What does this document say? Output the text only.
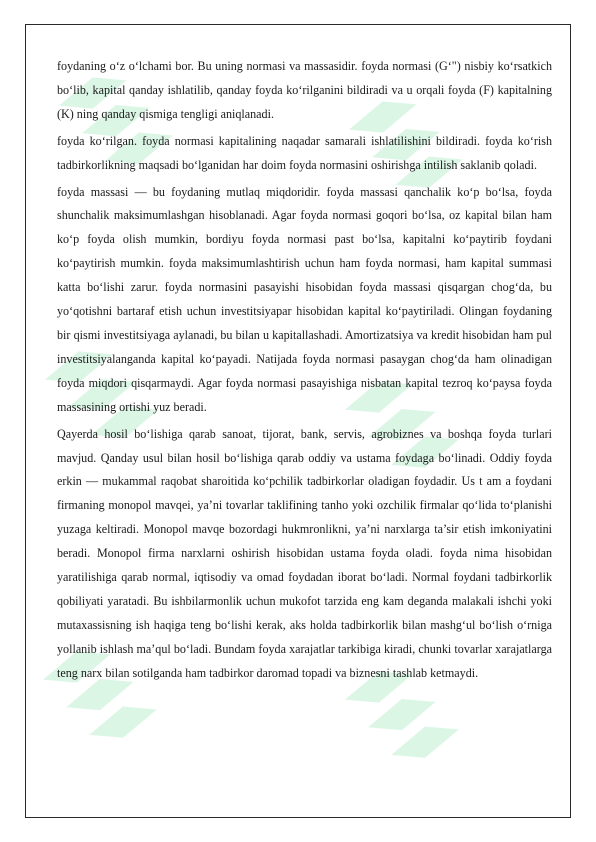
foydaning o‘z o‘lchami bor. Bu uning normasi va massasidir. foyda normasi (G‘") nisbiy ko‘rsatkich bo‘lib, kapital qanday ishlatilib, qanday foyda ko‘rilganini bildiradi va u orqali foyda (F) kapitalning (K) ning qanday qismiga tengligi aniqlanadi.

foyda ko‘rilgan. foyda normasi kapitalining naqadar samarali ishlatilishini bildiradi. foyda ko‘rish tadbirkorlikning maqsadi bo‘lganidan har doim foyda normasini oshirishga intilish saklanib qoladi.

foyda massasi — bu foydaning mutlaq miqdoridir. foyda massasi qanchalik ko‘p bo‘lsa, foyda shunchalik maksimumlashgan hisoblanadi. Agar foyda normasi goqori bo‘lsa, oz kapital bilan ham ko‘p foyda olish mumkin, bordiyu foyda normasi past bo‘lsa, kapitalni ko‘paytirib foydani ko‘paytirish mumkin. foyda maksimumlashtirish uchun ham foyda normasi, ham kapital summasi katta bo‘lishi zarur. foyda normasini pasayishi hisobidan foyda massasi qisqargan chog‘da, bu yo‘qotishni bartaraf etish uchun investitsiyapar hisobidan kapital ko‘paytiriladi. Olingan foydaning bir qismi investitsiyaga aylanadi, bu bilan u kapitallashadi. Amortizatsiya va kredit hisobidan ham pul investitsiyalanganda kapital ko‘payadi. Natijada foyda normasi pasaygan chog‘da ham olinadigan foyda miqdori qisqarmaydi. Agar foyda normasi pasayishiga nisbatan kapital tezroq ko‘paysa foyda massasining ortishi yuz beradi.

Qayerda hosil bo‘lishiga qarab sanoat, tijorat, bank, servis, agrobiznes va boshqa foyda turlari mavjud. Qanday usul bilan hosil bo‘lishiga qarab oddiy va ustama foydaga bo‘linadi. Oddiy foyda erkin — mukammal raqobat sharoitida ko‘pchilik tadbirkorlar oladigan foydadir. Us t am a foydani firmaning monopol mavqei, ya’ni tovarlar taklifining tanho yoki ozchilik firmalar qo‘lida to‘planishi yuzaga keltiradi. Monopol mavqe bozordagi hukmronlikni, ya’ni narxlarga ta’sir etish imkoniyatini beradi. Monopol firma narxlarni oshirish hisobidan ustama foyda oladi. foyda nima hisobidan yaratilishiga qarab normal, iqtisodiy va omad foydadan iborat bo‘ladi. Normal foydani tadbirkorlik qobiliyati yaratadi. Bu ishbilarmonlik uchun mukofot tarzida eng kam deganda malakali ishchi yoki mutaxassisning ish haqiga teng bo‘lishi kerak, aks holda tadbirkorlik bilan mashg‘ul bo‘lish o‘rniga yollanib ishlash ma’qul bo‘ladi. Bundam foyda xarajatlar tarkibiga kiradi, chunki tovarlar xarajatlarga teng narx bilan sotilganda ham tadbirkor daromad topadi va biznesni tashlab ketmaydi.
